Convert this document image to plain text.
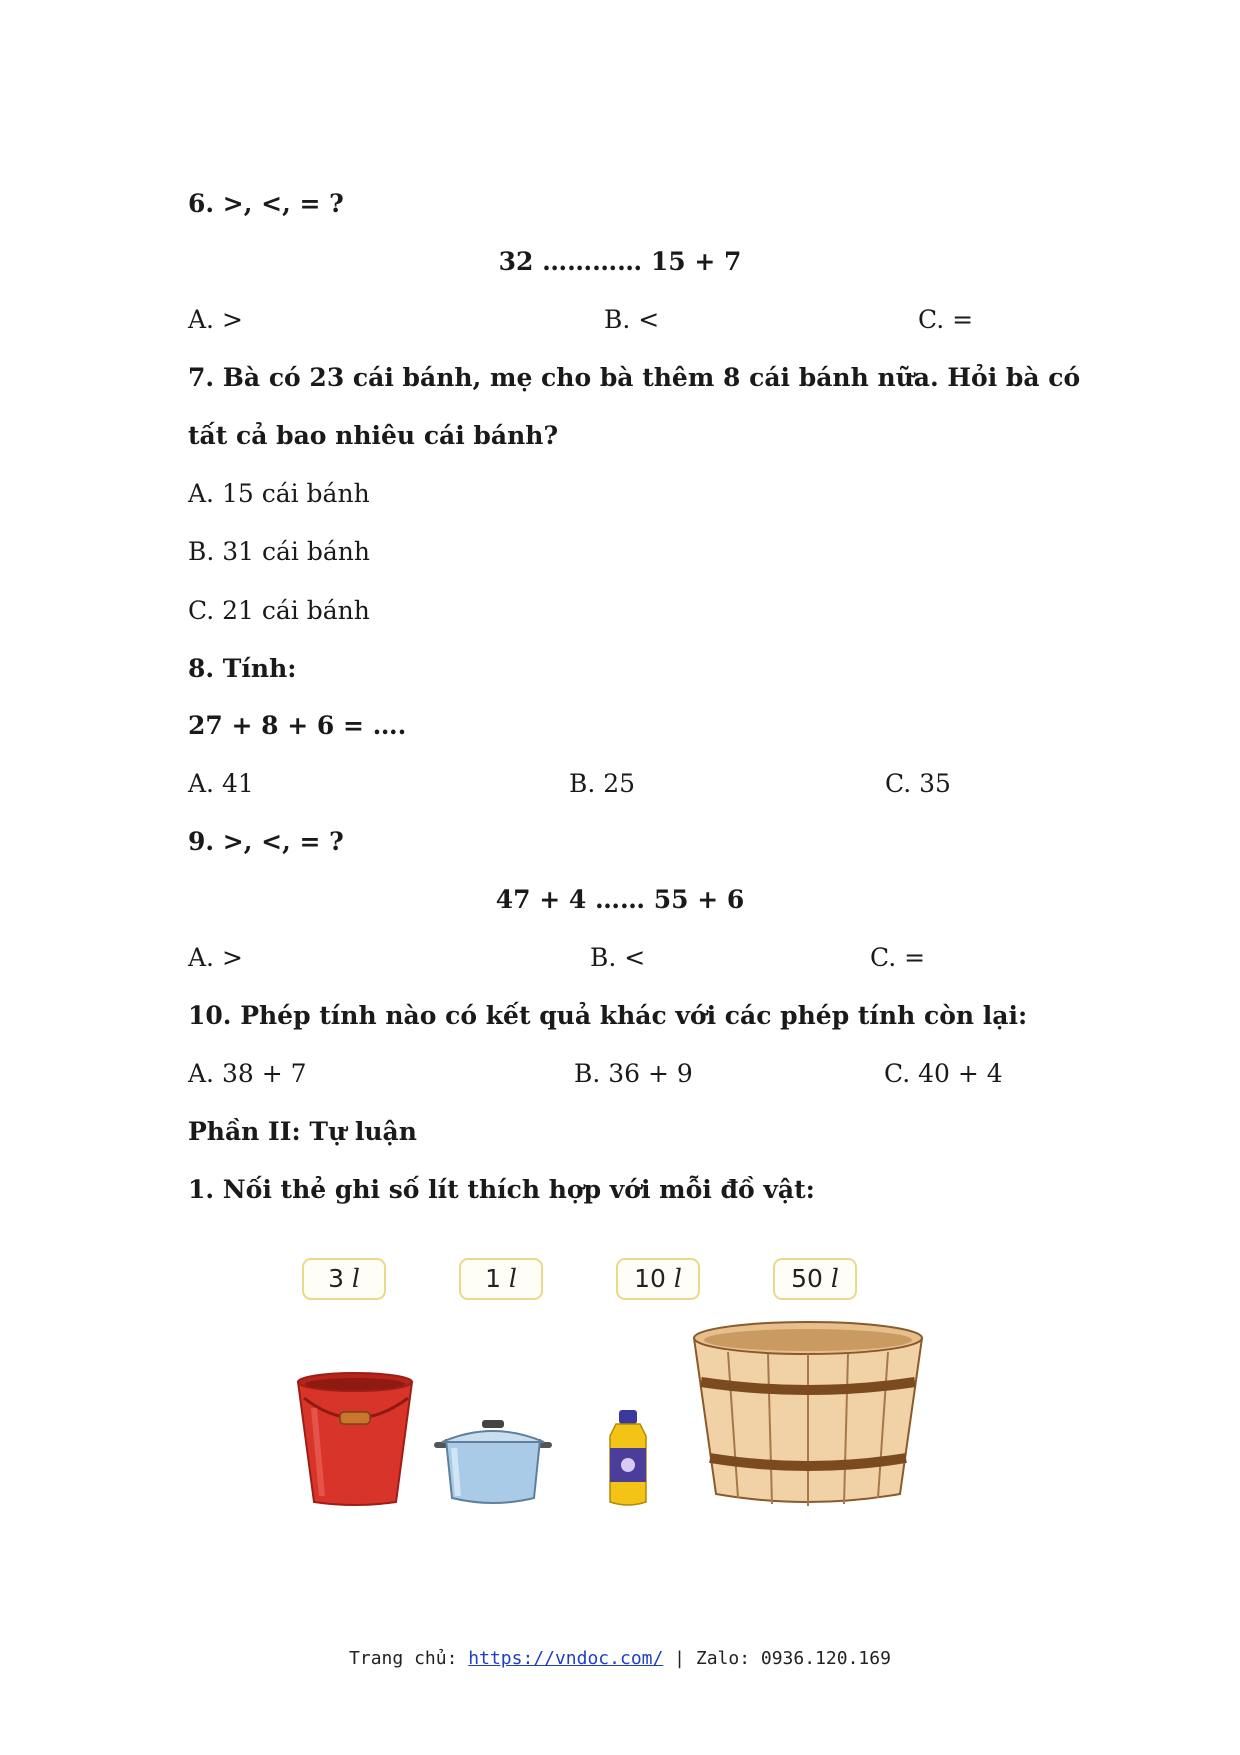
6. >, <, = ?
32 ………… 15 + 7
A. >	B. <	C. =
7. Bà có 23 cái bánh, mẹ cho bà thêm 8 cái bánh nữa. Hỏi bà có
tất cả bao nhiêu cái bánh?
A. 15 cái bánh
B. 31 cái bánh
C. 21 cái bánh
8. Tính:
27 + 8 + 6 = ….
A. 41	B. 25	C. 35
9. >, <, = ?
47 + 4 …… 55 + 6
A. >	B. <	C. =
10. Phép tính nào có kết quả khác với các phép tính còn lại:
A. 38 + 7	B. 36 + 9	C. 40 + 4
Phần II: Tự luận
1. Nối thẻ ghi số lít thích hợp với mỗi đồ vật:
3 l	1 l	10 l	50 l
Trang chủ: https://vndoc.com/ | Zalo: 0936.120.169
